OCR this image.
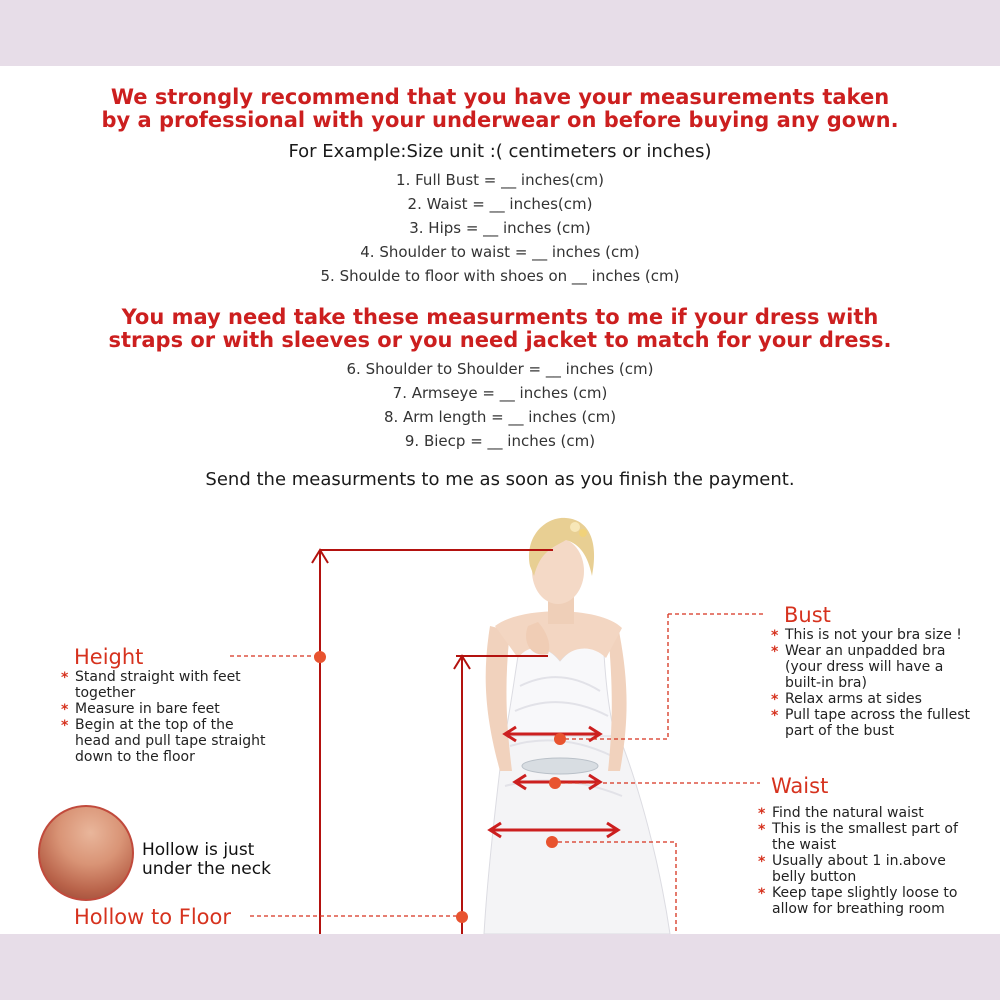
We strongly recommend that you have your measurements taken
by a professional with your underwear on before buying any gown.
For Example:Size unit :( centimeters or inches)
1. Full Bust = __ inches(cm)
2. Waist = __ inches(cm)
3. Hips = __ inches (cm)
4. Shoulder to waist = __ inches (cm)
5. Shoulde to floor with shoes on __ inches (cm)
You may need take these measurments to me if your dress with
straps or with sleeves or you need jacket to match for your dress.
6. Shoulder to Shoulder = __ inches (cm)
7. Armseye = __ inches (cm)
8. Arm length = __ inches (cm)
9. Biecp = __ inches (cm)
Send the measurments to me as soon as you finish the payment.
Height
* Stand straight with feet together
* Measure in bare feet
* Begin at the top of the head and pull tape straight down to the floor
Bust
* This is not your bra size !
* Wear an unpadded bra (your dress will have a built-in bra)
* Relax arms at sides
* Pull tape across the fullest part of the bust
Waist
* Find the natural waist
* This is the smallest part of the waist
* Usually about 1 in.above belly button
* Keep tape slightly loose to allow for breathing room
Hollow is just
under the neck
Hollow to Floor
